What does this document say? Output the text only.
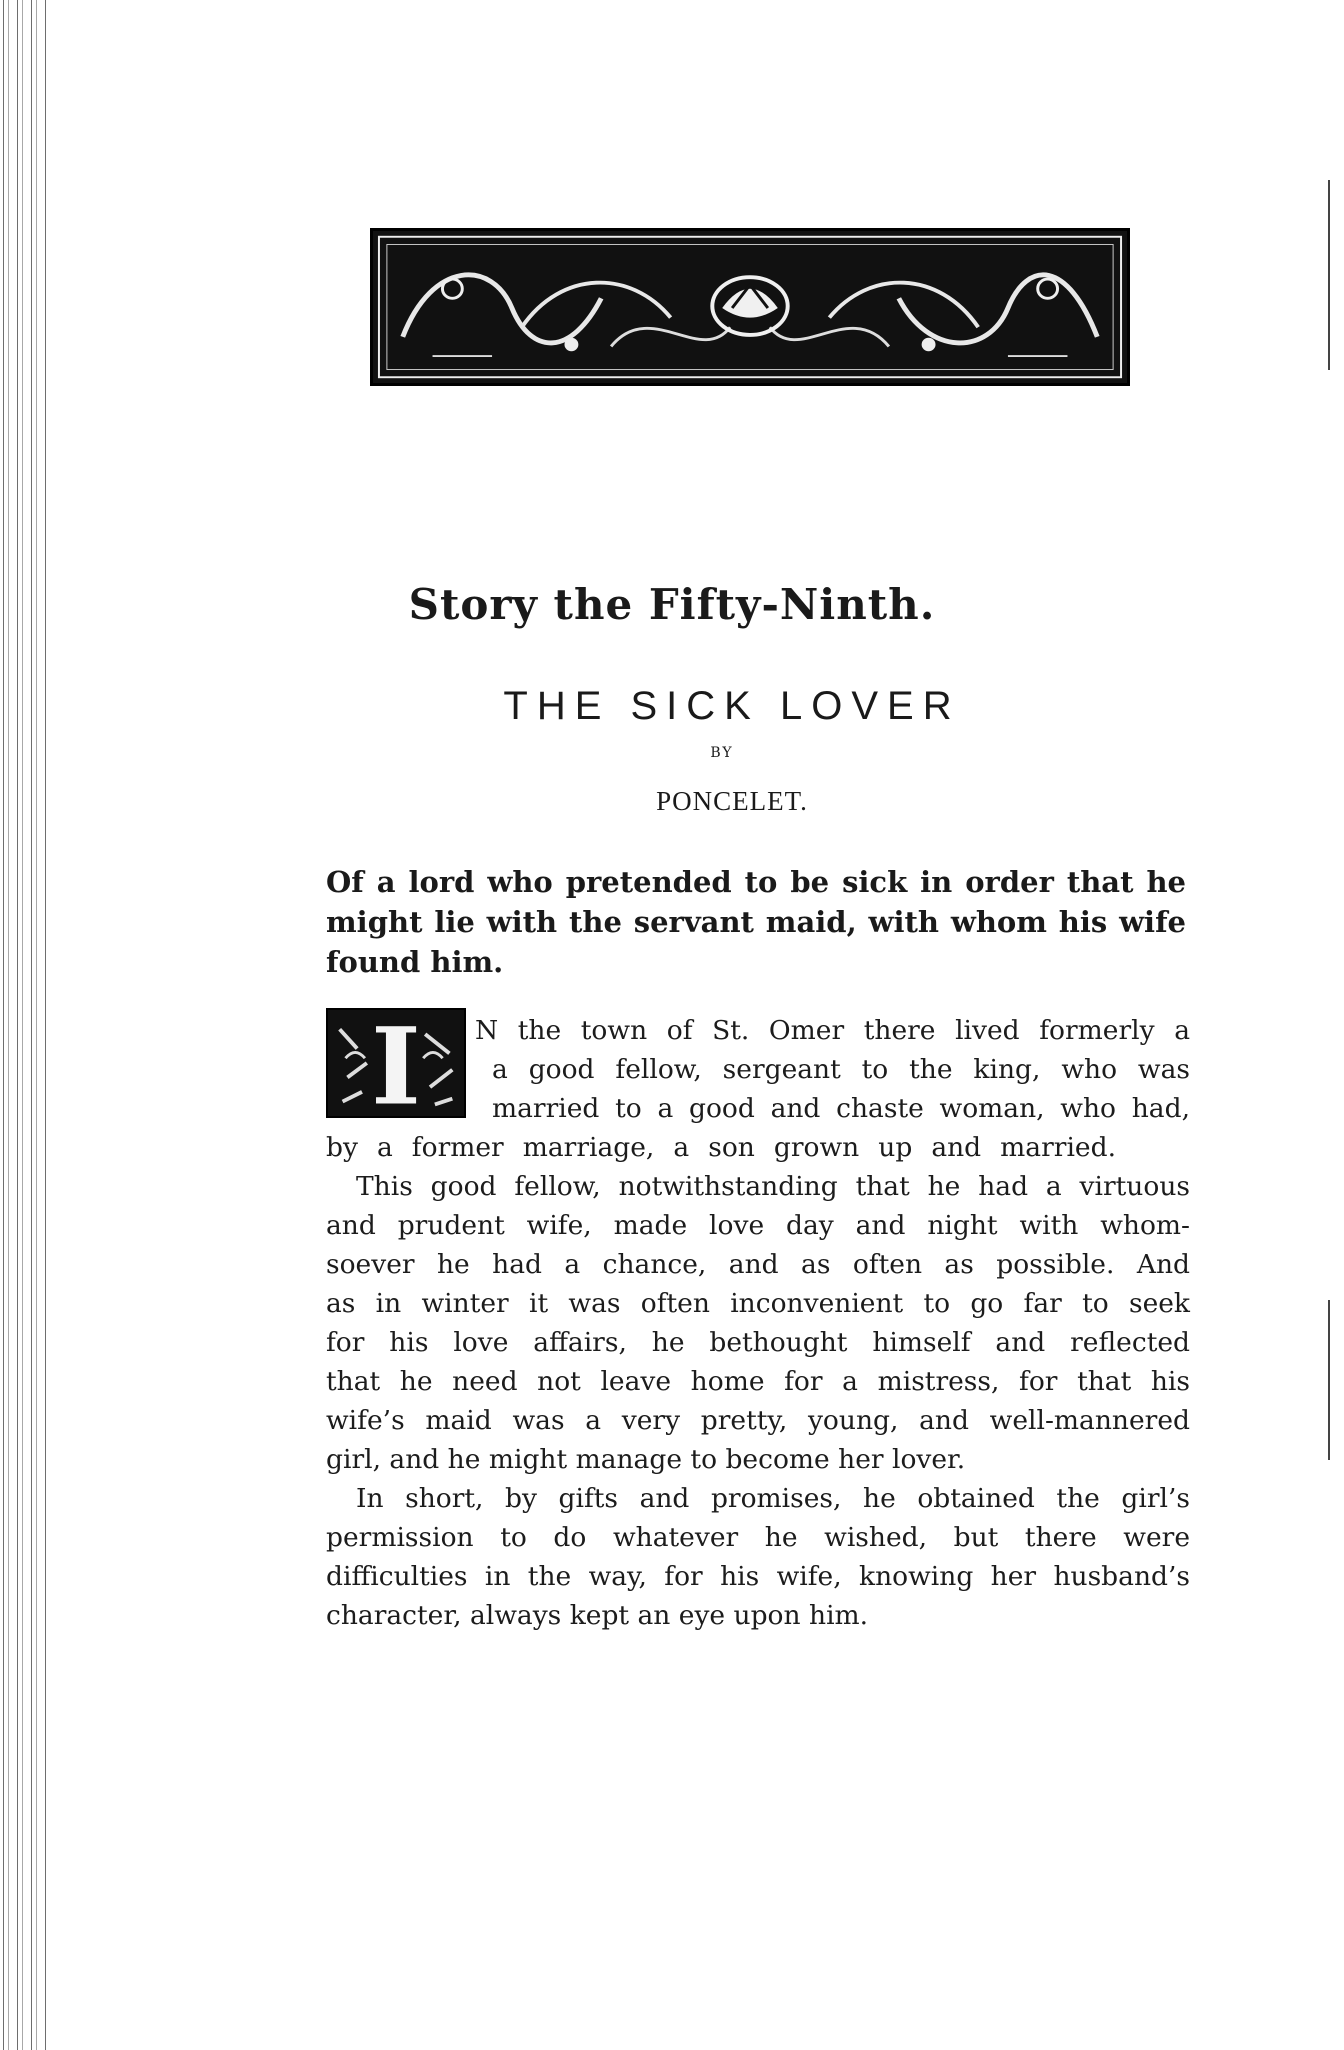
Story the Fifty-Ninth.
THE SICK LOVER
BY
PONCELET.
Of a lord who pretended to be sick in order that he might lie with the servant maid, with whom his wife found him.
I N the town of St. Omer there lived formerly a
a good fellow, sergeant to the king, who was
married to a good and chaste woman, who had,
by a former marriage, a son grown up and married.
This good fellow, notwithstanding that he had a virtuous
and prudent wife, made love day and night with whom-
soever he had a chance, and as often as possible. And
as in winter it was often inconvenient to go far to seek
for his love affairs, he bethought himself and reflected
that he need not leave home for a mistress, for that his
wife’s maid was a very pretty, young, and well-mannered
girl, and he might manage to become her lover.
In short, by gifts and promises, he obtained the girl’s
permission to do whatever he wished, but there were
difficulties in the way, for his wife, knowing her husband’s
character, always kept an eye upon him.
